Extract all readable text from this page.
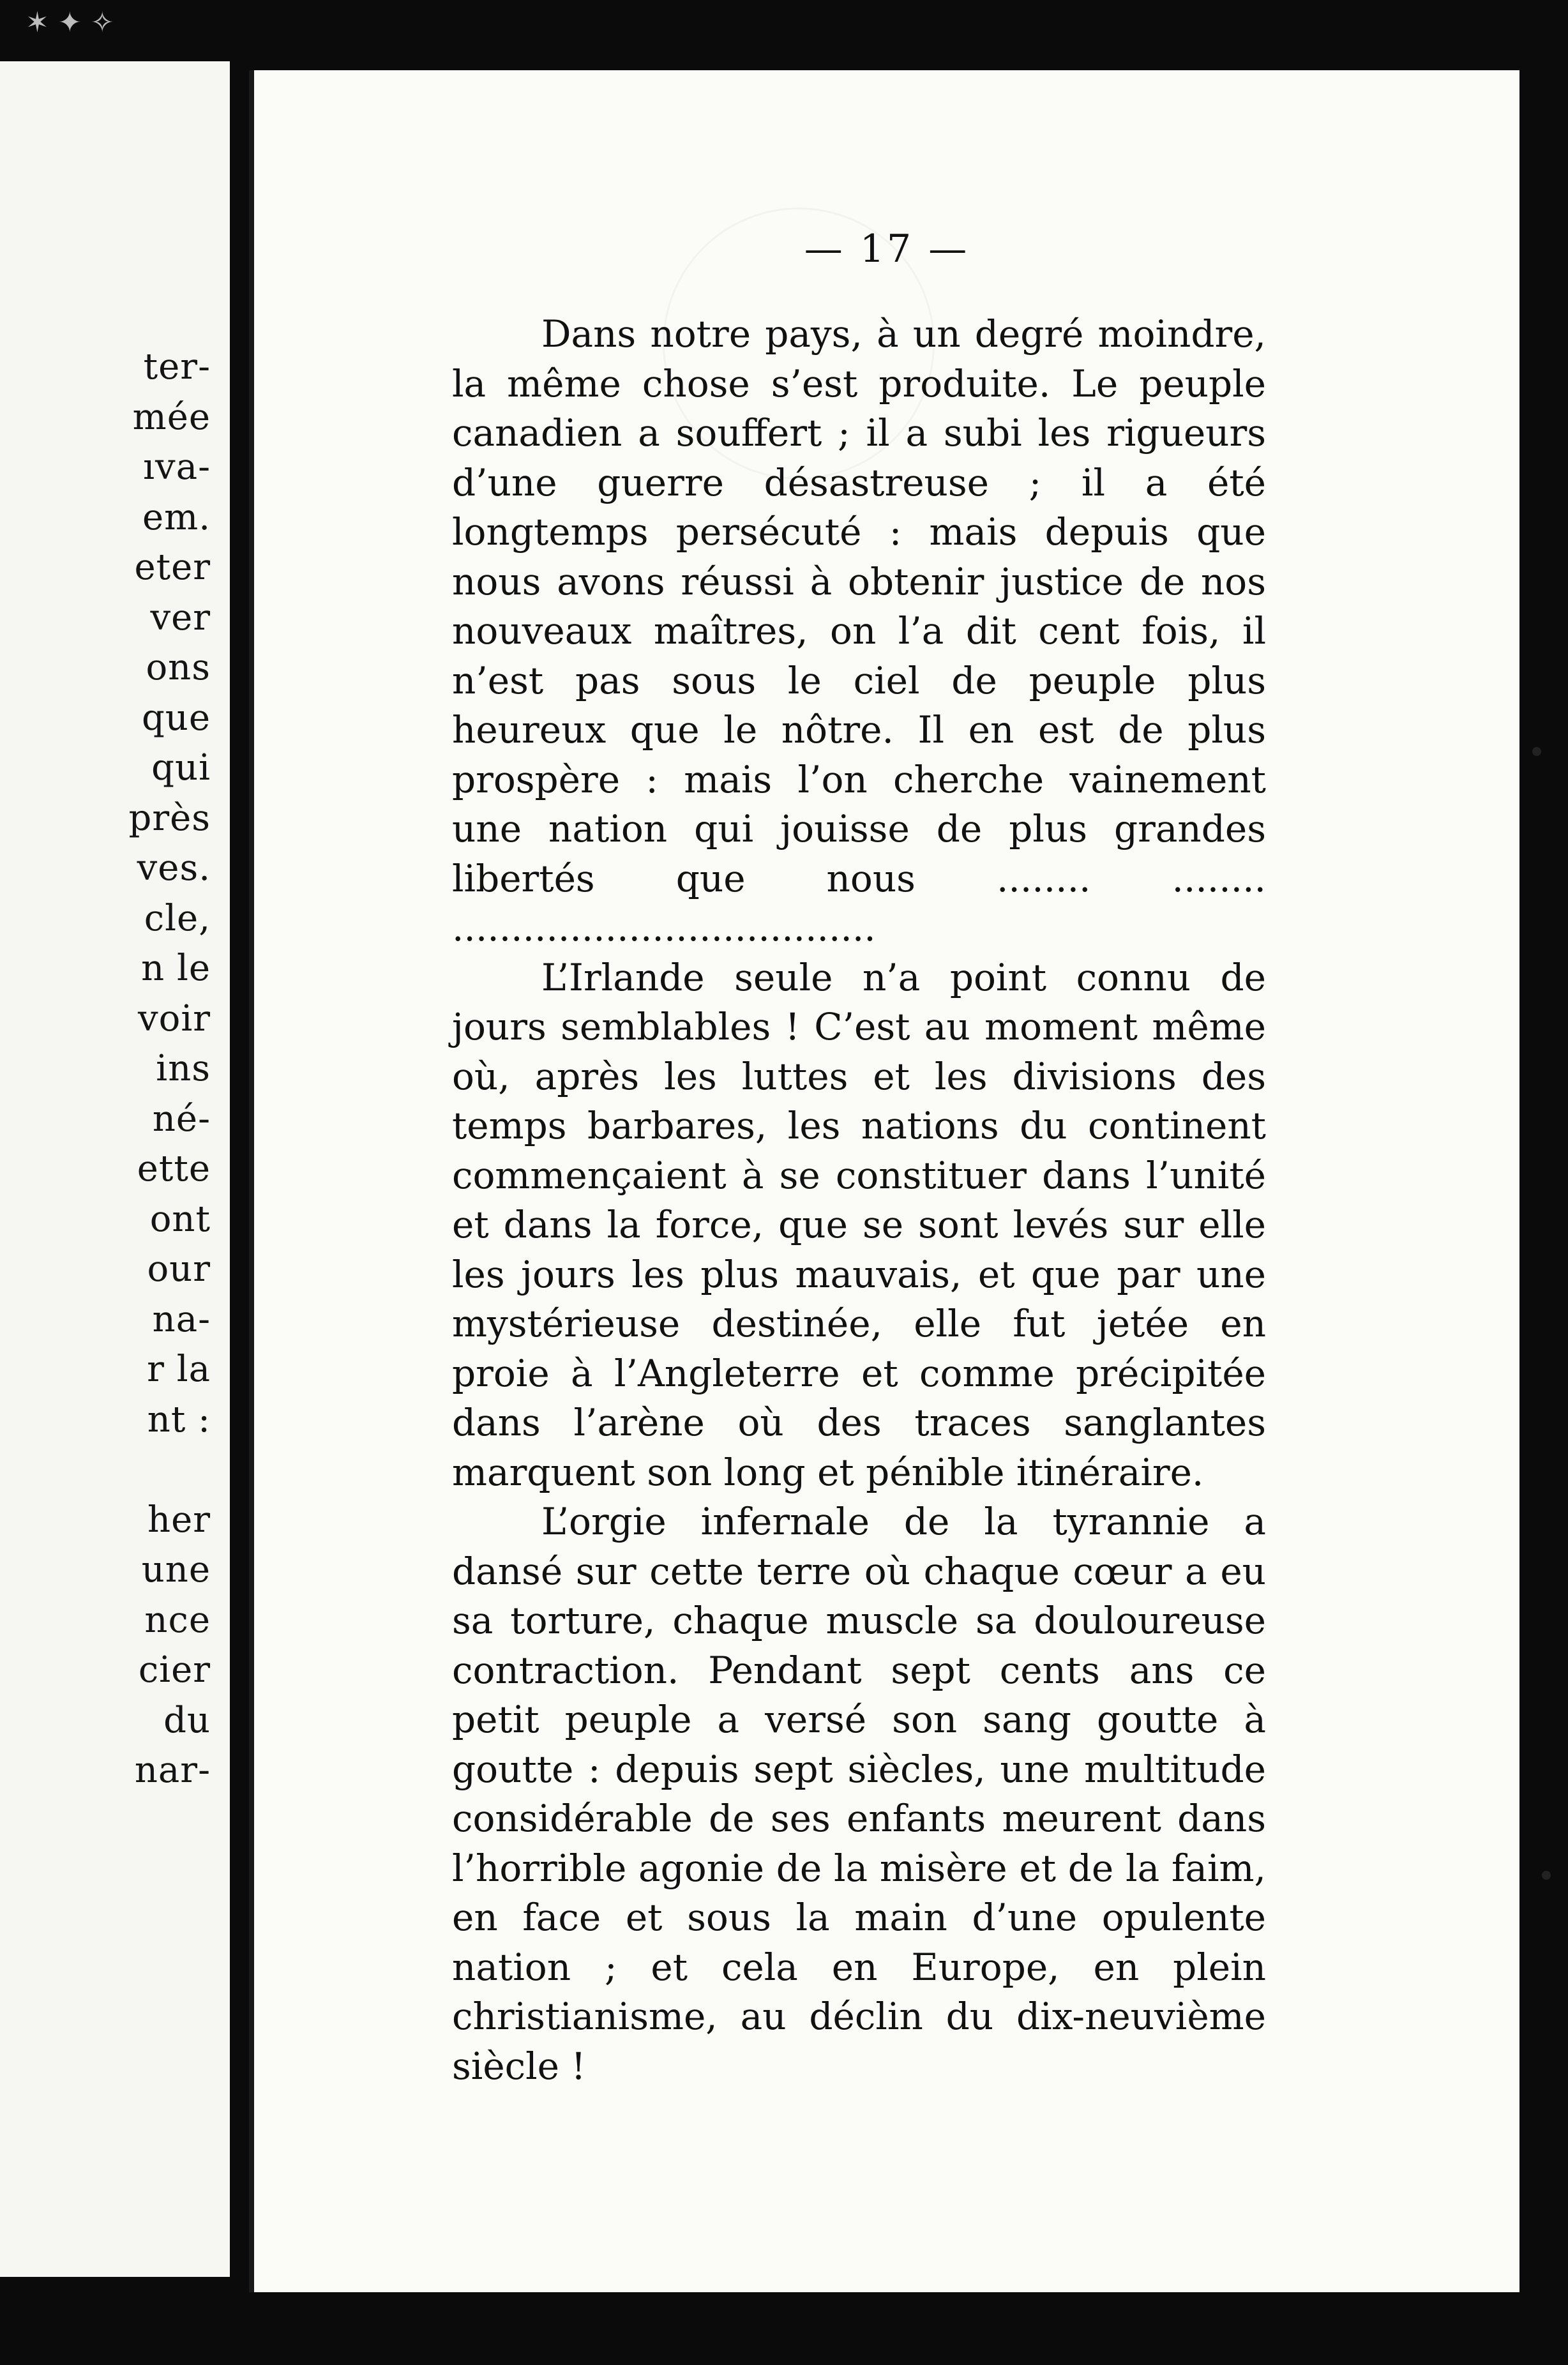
✶ ✦ ✧

ter-

mée

ıva-

em.

eter

ver

ons

que

qui

près

ves.

cle,

n le

voir

ins

né-

ette

ont

our

na-

r la

nt :

her

une

nce

cier

du

nar-

— 17 —

Dans notre pays, à un degré moindre, la même chose s’est produite. Le peuple canadien a souffert ; il a subi les rigueurs d’une guerre désastreuse ; il a été longtemps persécuté : mais depuis que nous avons réussi à obtenir justice de nos nouveaux maîtres, on l’a dit cent fois, il n’est pas sous le ciel de peuple plus heureux que le nôtre. Il en est de plus prospère : mais l’on cherche vainement une nation qui jouisse de plus grandes libertés que nous ........ ........ ....................................

L’Irlande seule n’a point connu de jours semblables ! C’est au moment même où, après les luttes et les divisions des temps barbares, les nations du continent commençaient à se constituer dans l’unité et dans la force, que se sont levés sur elle les jours les plus mauvais, et que par une mystérieuse destinée, elle fut jetée en proie à l’Angleterre et comme précipitée dans l’arène où des traces sanglantes marquent son long et pénible itinéraire.

L’orgie infernale de la tyrannie a dansé sur cette terre où chaque cœur a eu sa torture, chaque muscle sa douloureuse contraction. Pendant sept cents ans ce petit peuple a versé son sang goutte à goutte : depuis sept siècles, une multitude considérable de ses enfants meurent dans l’horrible agonie de la misère et de la faim, en face et sous la main d’une opulente nation ; et cela en Europe, en plein christianisme, au déclin du dix-neuvième siècle !
